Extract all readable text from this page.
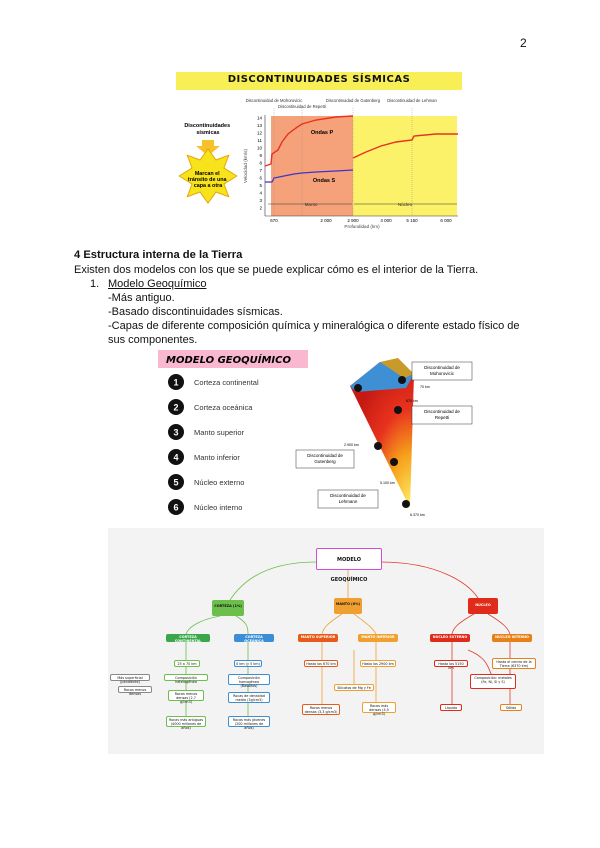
2
DISCONTINUIDADES SÍSMICAS
Discontinuidades sísmicas
Marcan el tránsito de una capa a otra
14
13
12
11
10
9
8
7
6
5
4
3
2
670	2 000	2 900	4 000	5 150	6 000
Velocidad (km/s)
Profundidad (km)
Discontinuidad de Mohorovicic
Discontinuidad de Repetti
Discontinuidad de Gutenberg Discontinuidad de Lehman
Ondas P
Ondas S
Manto	Núcleo
4 Estructura interna de la Tierra
Existen dos modelos con los que se puede explicar cómo es el interior de la Tierra.
1. Modelo Geoquímico
-Más antiguo.
-Basado discontinuidades sísmicas.
-Capas de diferente composición química y mineralógica o diferente estado físico de
sus componentes.
MODELO GEOQUÍMICO
1 Corteza continental
2 Corteza oceánica
3 Manto superior
4 Manto inferior
5 Núcleo externo
6 Núcleo interno
Discontinuidad de Mohorovicic
Discontinuidad de Repetti
Discontinuidad de Gutenberg
Discontinuidad de Lehmann
70 km
670 km
2.900 km
5.100 km
6.370 km
MODELO GEOQUÍMICO
CORTEZA (1%)	MANTO (6%)	NÚCLEO
CORTEZA CONTINENTAL
CORTEZA OCEÁNICA
MANTO SUPERIOR	MANTO INFERIOR	NÚCLEO EXTERNO	NÚCLEO INTERNO
25 a 70 km
Composición heterogénea
Rocas menos densas (2,7 g/cm3)
Rocas más antiguas (4000 millones de años)
Más superficial (pendiente)
Rocas menos densas
0 km (y 5 km)
Composición homogénea (Basaltos)
Rocas de densidad media (3g/cm3)
Rocas más jóvenes (200 millones de años)
Hasta los 670 km
Rocas menos densas (3,3 g/cm3)
Silicatos de Mg y Fe
Hasta los 2900 km
Rocas más densas (4,5 g/cm3)
Hasta los 5150 km
Líquido
Composición: metales (Fe, Ni, Si y S)
Hasta el centro de la Tierra (6370 km)
Sólido
